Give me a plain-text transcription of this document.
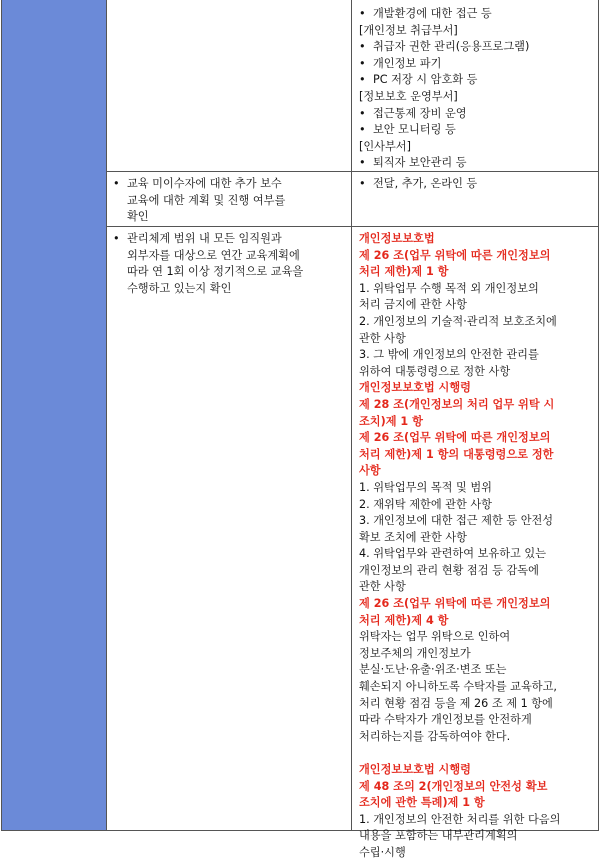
• 개발환경에 대한 접근 등
[개인정보 취급부서]
• 취급자 권한 관리(응용프로그램)
• 개인정보 파기
• PC 저장 시 암호화 등
[정보보호 운영부서]
• 접근통제 장비 운영
• 보안 모니터링 등
[인사부서]
• 퇴직자 보안관리 등
• 교육 미이수자에 대한 추가 보수
교육에 대한 계획 및 진행 여부를
확인
• 전달, 추가, 온라인 등
• 관리체계 범위 내 모든 임직원과
외부자를 대상으로 연간 교육계획에
따라 연 1회 이상 정기적으로 교육을
수행하고 있는지 확인
개인정보보호법
제 26 조(업무 위탁에 따른 개인정보의
처리 제한)제 1 항
1. 위탁업무 수행 목적 외 개인정보의
처리 금지에 관한 사항
2. 개인정보의 기술적·관리적 보호조치에
관한 사항
3. 그 밖에 개인정보의 안전한 관리를
위하여 대통령령으로 정한 사항
개인정보보호법 시행령
제 28 조(개인정보의 처리 업무 위탁 시
조치)제 1 항
제 26 조(업무 위탁에 따른 개인정보의
처리 제한)제 1 항의 대통령령으로 정한
사항
1. 위탁업무의 목적 및 범위
2. 재위탁 제한에 관한 사항
3. 개인정보에 대한 접근 제한 등 안전성
확보 조치에 관한 사항
4. 위탁업무와 관련하여 보유하고 있는
개인정보의 관리 현황 점검 등 감독에
관한 사항
제 26 조(업무 위탁에 따른 개인정보의
처리 제한)제 4 항
위탁자는 업무 위탁으로 인하여
정보주체의 개인정보가
분실·도난·유출·위조·변조 또는
훼손되지 아니하도록 수탁자를 교육하고,
처리 현황 점검 등을 제 26 조 제 1 항에
따라 수탁자가 개인정보를 안전하게
처리하는지를 감독하여야 한다.
개인정보보호법 시행령
제 48 조의 2(개인정보의 안전성 확보
조치에 관한 특례)제 1 항
1. 개인정보의 안전한 처리를 위한 다음의
내용을 포함하는 내부관리계획의
수립·시행
